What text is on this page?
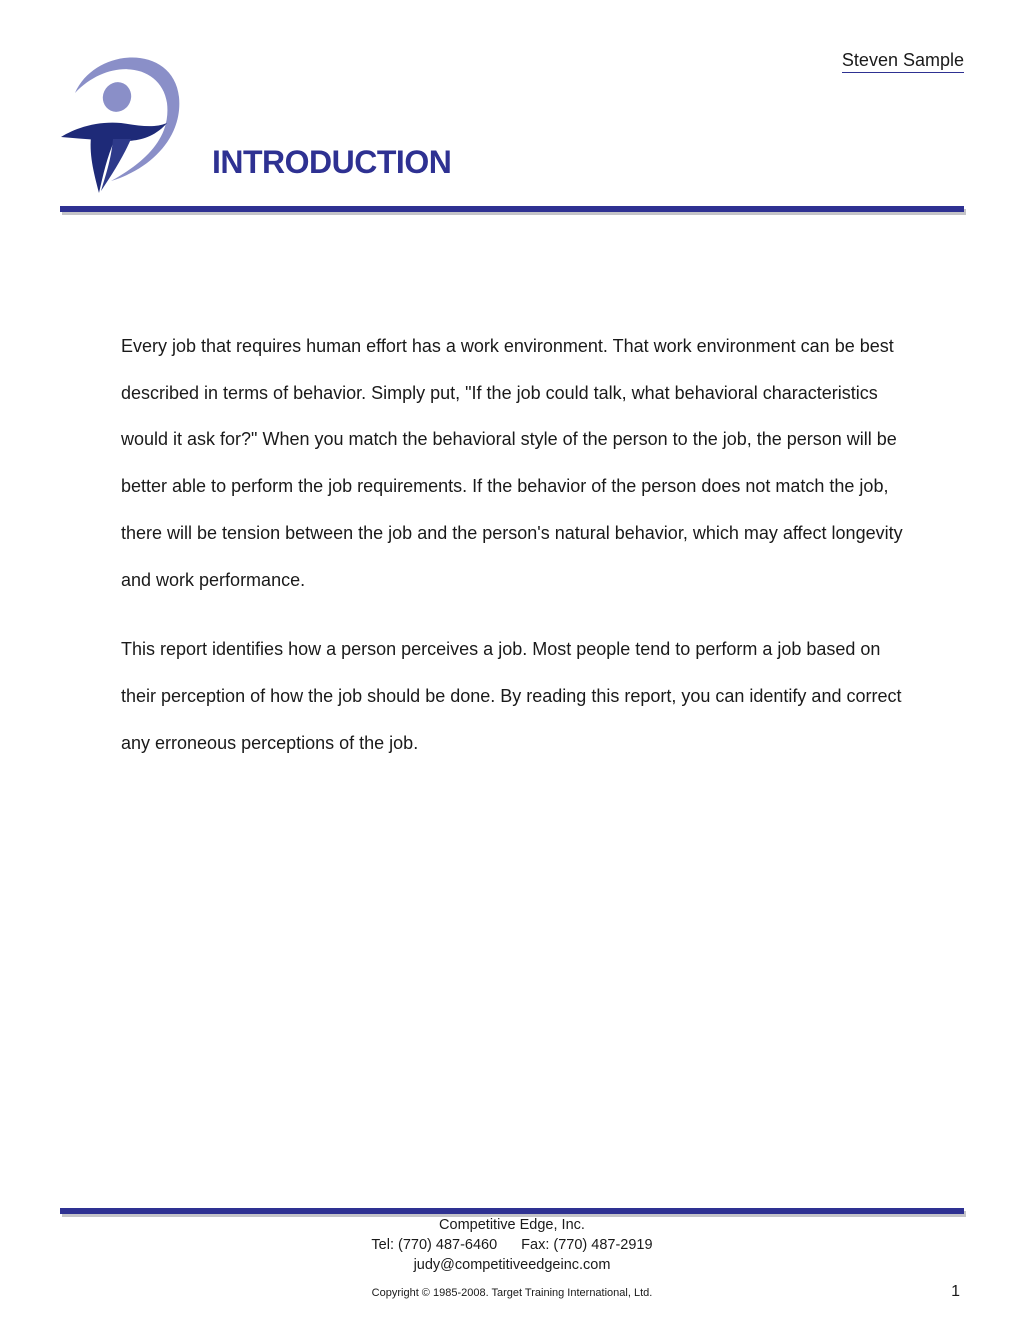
Steven Sample
INTRODUCTION

Every job that requires human effort has a work environment. That work environment can be best described in terms of behavior. Simply put, "If the job could talk, what behavioral characteristics would it ask for?" When you match the behavioral style of the person to the job, the person will be better able to perform the job requirements. If the behavior of the person does not match the job, there will be tension between the job and the person's natural behavior, which may affect longevity and work performance.

This report identifies how a person perceives a job. Most people tend to perform a job based on their perception of how the job should be done. By reading this report, you can identify and correct any erroneous perceptions of the job.

Competitive Edge, Inc.
Tel: (770) 487-6460 Fax: (770) 487-2919
judy@competitiveedgeinc.com
Copyright © 1985-2008. Target Training International, Ltd.	1
